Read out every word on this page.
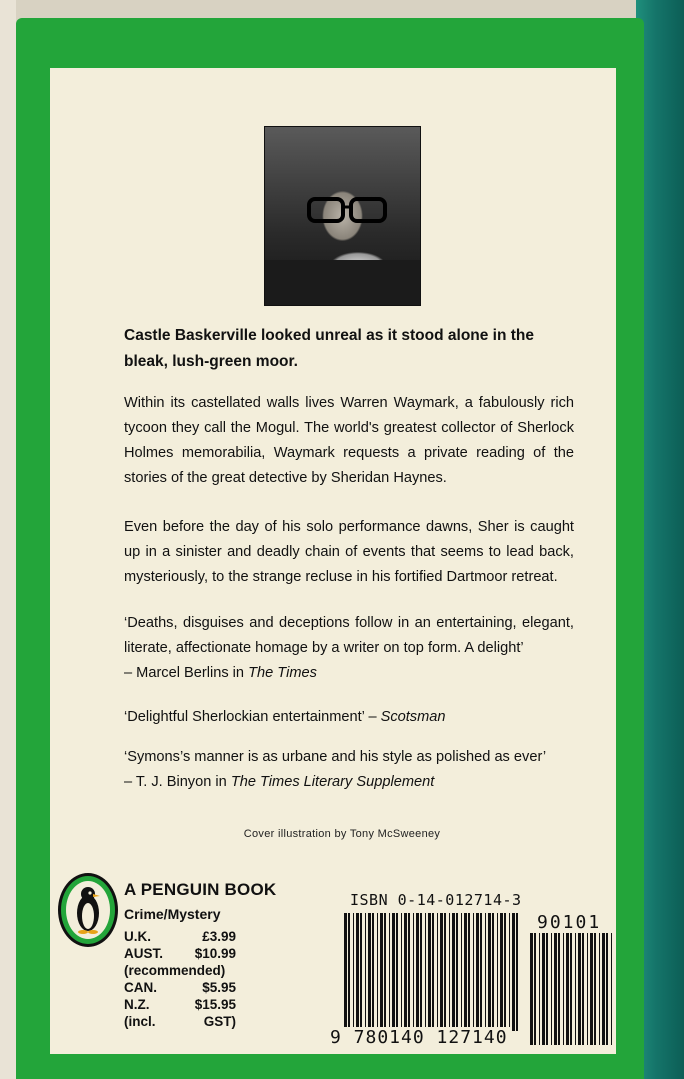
Castle Baskerville looked unreal as it stood alone in the bleak, lush-green moor.
Within its castellated walls lives Warren Waymark, a fabulously rich tycoon they call the Mogul. The world's greatest collector of Sherlock Holmes memorabilia, Waymark requests a private reading of the stories of the great detective by Sheridan Haynes.
Even before the day of his solo performance dawns, Sher is caught up in a sinister and deadly chain of events that seems to lead back, mysteriously, to the strange recluse in his fortified Dartmoor retreat.
‘Deaths, disguises and deceptions follow in an entertaining, elegant, literate, affectionate homage by a writer on top form. A delight’
– Marcel Berlins in The Times
‘Delightful Sherlockian entertainment’ – Scotsman
‘Symons’s manner is as urbane and his style as polished as ever’
– T. J. Binyon in The Times Literary Supplement
Cover illustration by Tony McSweeney
A PENGUIN BOOK
Crime/Mystery
U.K.	£3.99
AUST. $10.99
(recommended)
CAN.	$5.95
N.Z.	$15.95
(incl.	GST)
ISBN 0-14-012714-3
9 780140 127140
90101
